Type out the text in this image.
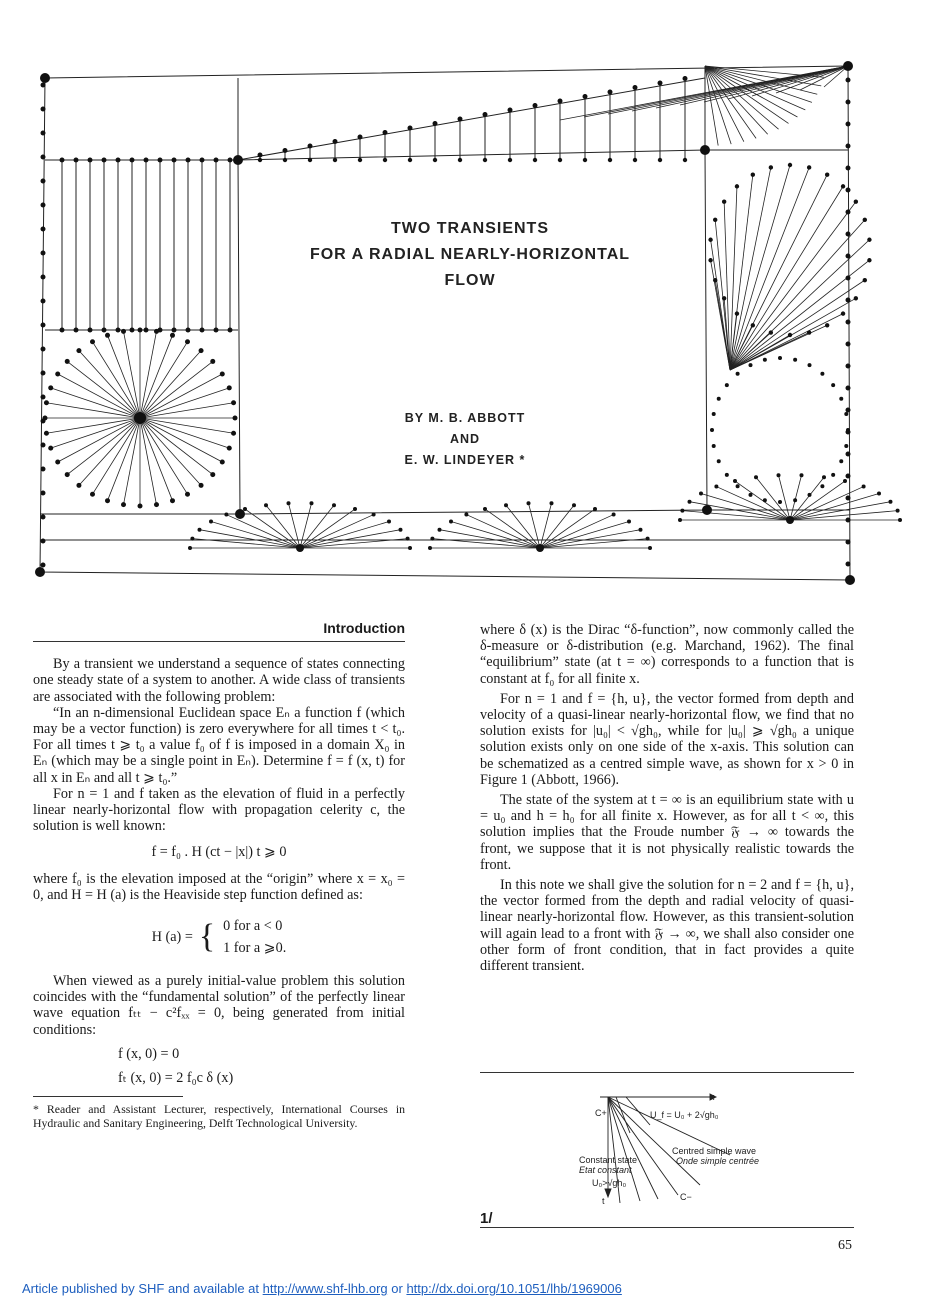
TWO TRANSIENTS
FOR A RADIAL NEARLY-HORIZONTAL
FLOW
BY M. B. ABBOTT
AND
E. W. LINDEYER *
Introduction

By a transient we understand a sequence of states connecting one steady state of a system to another. A wide class of transients are associated with the following problem:

“In an n-dimensional Euclidean space Eₙ a function f (which may be a vector function) is zero everywhere for all times t < t₀. For all times t ⩾ t₀ a value f₀ of f is imposed in a domain X₀ in Eₙ (which may be a single point in Eₙ). Determine f = f (x, t) for all x in Eₙ and all t ⩾ t₀.”

For n = 1 and f taken as the elevation of fluid in a perfectly linear nearly-horizontal flow with propagation celerity c, the solution is well known:

f = f₀ . H (ct − |x|) t ⩾ 0

where f₀ is the elevation imposed at the “origin” where x = x₀ = 0, and H = H (a) is the Heaviside step function defined as:

H (a) = { 0 for a < 0
1 for a ⩾0.

When viewed as a purely initial-value problem this solution coincides with the “fundamental solution” of the perfectly linear wave equation fₜₜ − c²fₓₓ = 0, being generated from initial conditions:

f (x, 0) = 0
fₜ (x, 0) = 2 f₀c δ (x)

* Reader and Assistant Lecturer, respectively, International Courses in Hydraulic and Sanitary Engineering, Delft Technological University.

where δ (x) is the Dirac “δ-function”, now commonly called the δ-measure or δ-distribution (e.g. Marchand, 1962). The final “equilibrium” state (at t = ∞) corresponds to a function that is constant at f₀ for all finite x.

For n = 1 and f = {h, u}, the vector formed from depth and velocity of a quasi-linear nearly-horizontal flow, we find that no solution exists for |u₀| < √gh₀, while for |u₀| ⩾ √gh₀ a unique solution exists only on one side of the x-axis. This solution can be schematized as a centred simple wave, as shown for x > 0 in Figure 1 (Abbott, 1966).

The state of the system at t = ∞ is an equilibrium state with u = u₀ and h = h₀ for all finite x. However, as for all t < ∞, this solution implies that the Froude number 𝔉 → ∞ towards the front, we suppose that it is not physically realistic towards the front.

In this note we shall give the solution for n = 2 and f = {h, u}, the vector formed from the depth and radial velocity of quasi-linear nearly-horizontal flow. However, as this transient-solution will again lead to a front with 𝔉 → ∞, we shall also consider one other form of front condition, that in fact provides a quite different transient.

x
C+	U_f = U₀ + 2√gh₀
Centred simple wave
Onde simple centrée
Constant state
Etat constant
U₀>√gh₀
t	C−
1/
65
Article published by SHF and available at http://www.shf-lhb.org or http://dx.doi.org/10.1051/lhb/1969006
